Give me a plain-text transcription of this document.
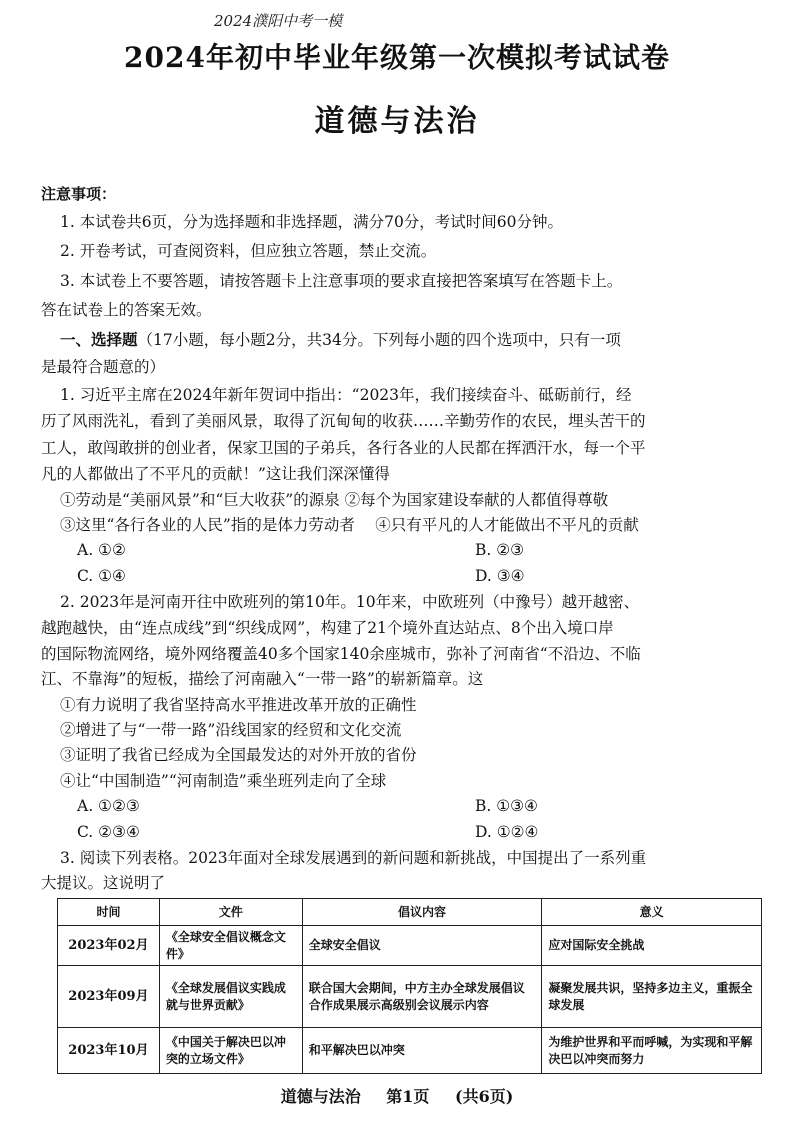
2024濮阳中考一模
2024年初中毕业年级第一次模拟考试试卷
道德与法治
注意事项：
1. 本试卷共6页，分为选择题和非选择题，满分70分，考试时间60分钟。
2. 开卷考试，可查阅资料，但应独立答题，禁止交流。
3. 本试卷上不要答题，请按答题卡上注意事项的要求直接把答案填写在答题卡上。
答在试卷上的答案无效。
一、选择题（17小题，每小题2分，共34分。下列每小题的四个选项中，只有一项
是最符合题意的）
1. 习近平主席在2024年新年贺词中指出：“2023年，我们接续奋斗、砥砺前行，经
历了风雨洗礼，看到了美丽风景，取得了沉甸甸的收获……辛勤劳作的农民，埋头苦干的
工人，敢闯敢拼的创业者，保家卫国的子弟兵，各行各业的人民都在挥洒汗水，每一个平
凡的人都做出了不平凡的贡献！”这让我们深深懂得
①劳动是“美丽风景”和“巨大收获”的源泉 ②每个为国家建设奉献的人都值得尊敬
③这里“各行各业的人民”指的是体力劳动者　 ④只有平凡的人才能做出不平凡的贡献
A. ①②	B. ②③
C. ①④	D. ③④
2. 2023年是河南开往中欧班列的第10年。10年来，中欧班列（中豫号）越开越密、
越跑越快，由“连点成线”到“织线成网”，构建了21个境外直达站点、8个出入境口岸
的国际物流网络，境外网络覆盖40多个国家140余座城市，弥补了河南省“不沿边、不临
江、不靠海”的短板，描绘了河南融入“一带一路”的崭新篇章。这
①有力说明了我省坚持高水平推进改革开放的正确性
②增进了与“一带一路”沿线国家的经贸和文化交流
③证明了我省已经成为全国最发达的对外开放的省份
④让“中国制造”“河南制造”乘坐班列走向了全球
A. ①②③	B. ①③④
C. ②③④	D. ①②④
3. 阅读下列表格。2023年面对全球发展遇到的新问题和新挑战，中国提出了一系列重
大提议。这说明了
时间	文件	倡议内容	意义
2023年02月	《全球安全倡议概念文件》	全球安全倡议	应对国际安全挑战
2023年09月	《全球发展倡议实践成就与世界贡献》	联合国大会期间，中方主办全球发展倡议合作成果展示高级别会议展示内容	凝聚发展共识，坚持多边主义，重振全球发展
2023年10月	《中国关于解决巴以冲突的立场文件》	和平解决巴以冲突	为维护世界和平而呼喊，为实现和平解决巴以冲突而努力
道德与法治 第1页 (共6页)
